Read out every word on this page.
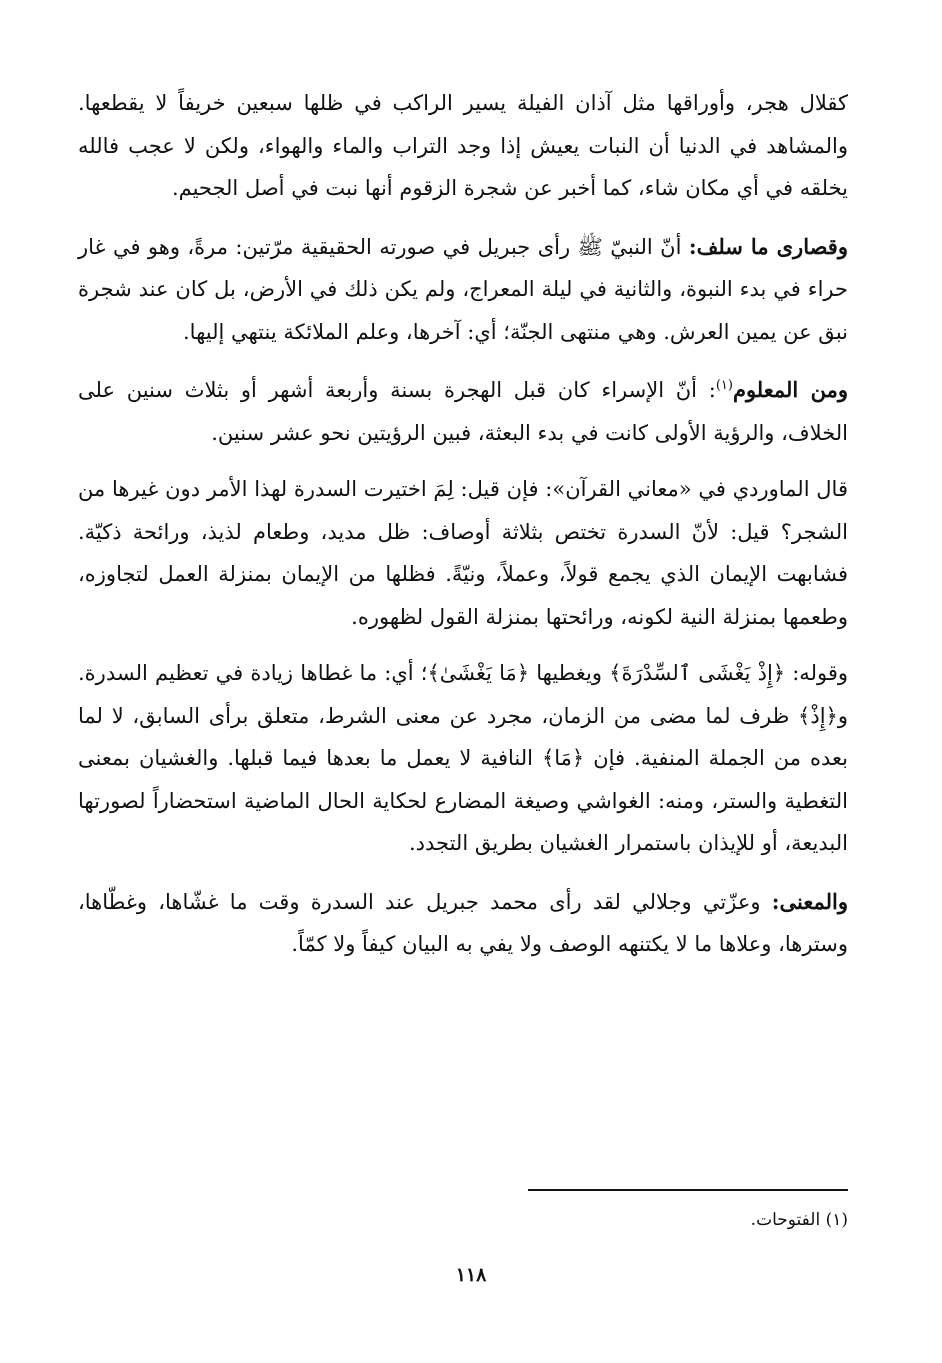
كقلال هجر، وأوراقها مثل آذان الفيلة يسير الراكب في ظلها سبعين خريفاً لا يقطعها. والمشاهد في الدنيا أن النبات يعيش إذا وجد التراب والماء والهواء، ولكن لا عجب فالله يخلقه في أي مكان شاء، كما أخبر عن شجرة الزقوم أنها نبت في أصل الجحيم.

وقصارى ما سلف: أنّ النبيّ ﷺ رأى جبريل في صورته الحقيقية مرّتين: مرةً، وهو في غار حراء في بدء النبوة، والثانية في ليلة المعراج، ولم يكن ذلك في الأرض، بل كان عند شجرة نبق عن يمين العرش. وهي منتهى الجنّة؛ أي: آخرها، وعلم الملائكة ينتهي إليها.

ومن المعلوم$^{(١)}$: أنّ الإسراء كان قبل الهجرة بسنة وأربعة أشهر أو بثلاث سنين على الخلاف، والرؤية الأولى كانت في بدء البعثة، فبين الرؤيتين نحو عشر سنين.

قال الماوردي في «معاني القرآن»: فإن قيل: لِمَ اختيرت السدرة لهذا الأمر دون غيرها من الشجر؟ قيل: لأنّ السدرة تختص بثلاثة أوصاف: ظل مديد، وطعام لذيذ، ورائحة ذكيّة. فشابهت الإيمان الذي يجمع قولاً، وعملاً، ونيّةً. فظلها من الإيمان بمنزلة العمل لتجاوزه، وطعمها بمنزلة النية لكونه، ورائحتها بمنزلة القول لظهوره.

وقوله: ﴿إِذْ يَغْشَى ٱلسِّدْرَةَ﴾ ويغطيها ﴿مَا يَغْشَىٰ﴾؛ أي: ما غطاها زيادة في تعظيم السدرة. و﴿إِذْ﴾ ظرف لما مضى من الزمان، مجرد عن معنى الشرط، متعلق برأى السابق، لا لما بعده من الجملة المنفية. فإن ﴿مَا﴾ النافية لا يعمل ما بعدها فيما قبلها. والغشيان بمعنى التغطية والستر، ومنه: الغواشي وصيغة المضارع لحكاية الحال الماضية استحضاراً لصورتها البديعة، أو للإيذان باستمرار الغشيان بطريق التجدد.

والمعنى: وعزّتي وجلالي لقد رأى محمد جبريل عند السدرة وقت ما غشّاها، وغطّاها، وسترها، وعلاها ما لا يكتنهه الوصف ولا يفي به البيان كيفاً ولا كمّاً.

(١) الفتوحات.
١١٨
